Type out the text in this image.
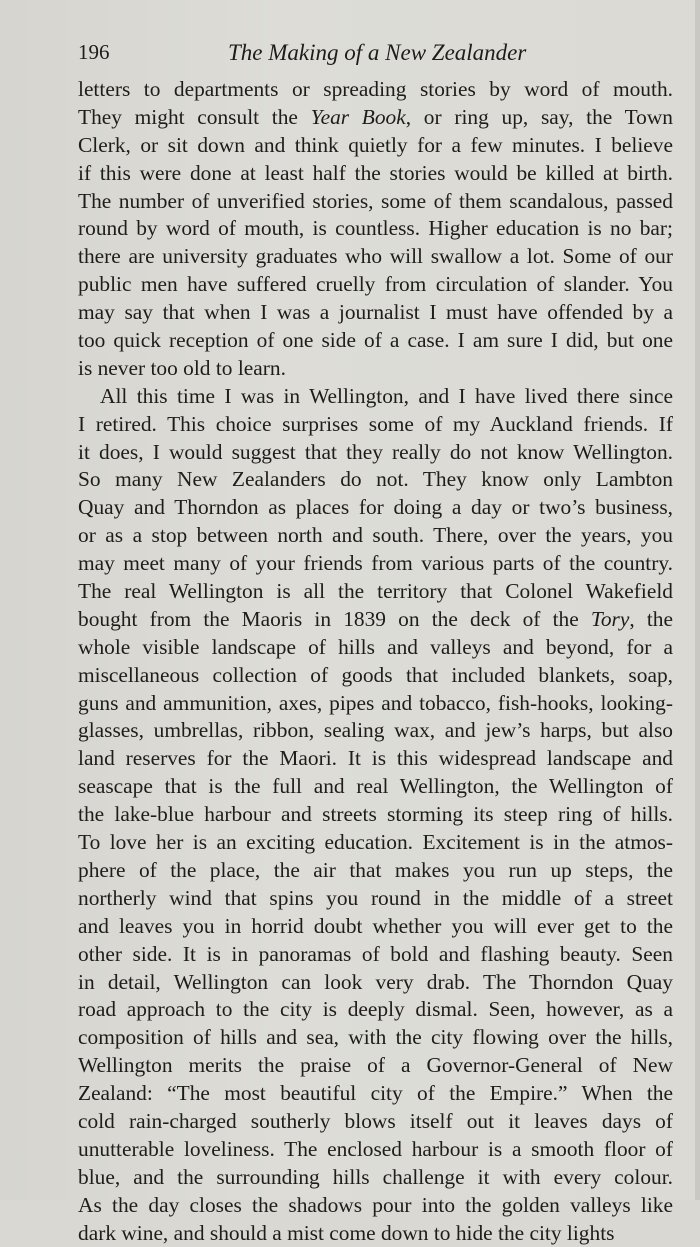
196	The Making of a New Zealander
letters to departments or spreading stories by word of mouth.
They might consult the Year Book, or ring up, say, the Town
Clerk, or sit down and think quietly for a few minutes. I believe
if this were done at least half the stories would be killed at birth.
The number of unverified stories, some of them scandalous, passed
round by word of mouth, is countless. Higher education is no bar;
there are university graduates who will swallow a lot. Some of our
public men have suffered cruelly from circulation of slander. You
may say that when I was a journalist I must have offended by a
too quick reception of one side of a case. I am sure I did, but one
is never too old to learn.
All this time I was in Wellington, and I have lived there since
I retired. This choice surprises some of my Auckland friends. If
it does, I would suggest that they really do not know Wellington.
So many New Zealanders do not. They know only Lambton
Quay and Thorndon as places for doing a day or two’s business,
or as a stop between north and south. There, over the years, you
may meet many of your friends from various parts of the country.
The real Wellington is all the territory that Colonel Wakefield
bought from the Maoris in 1839 on the deck of the Tory, the
whole visible landscape of hills and valleys and beyond, for a
miscellaneous collection of goods that included blankets, soap,
guns and ammunition, axes, pipes and tobacco, fish-hooks, looking-
glasses, umbrellas, ribbon, sealing wax, and jew’s harps, but also
land reserves for the Maori. It is this widespread landscape and
seascape that is the full and real Wellington, the Wellington of
the lake-blue harbour and streets storming its steep ring of hills.
To love her is an exciting education. Excitement is in the atmos-
phere of the place, the air that makes you run up steps, the
northerly wind that spins you round in the middle of a street
and leaves you in horrid doubt whether you will ever get to the
other side. It is in panoramas of bold and flashing beauty. Seen
in detail, Wellington can look very drab. The Thorndon Quay
road approach to the city is deeply dismal. Seen, however, as a
composition of hills and sea, with the city flowing over the hills,
Wellington merits the praise of a Governor-General of New
Zealand: “The most beautiful city of the Empire.” When the
cold rain-charged southerly blows itself out it leaves days of
unutterable loveliness. The enclosed harbour is a smooth floor of
blue, and the surrounding hills challenge it with every colour.
As the day closes the shadows pour into the golden valleys like
dark wine, and should a mist come down to hide the city lights
